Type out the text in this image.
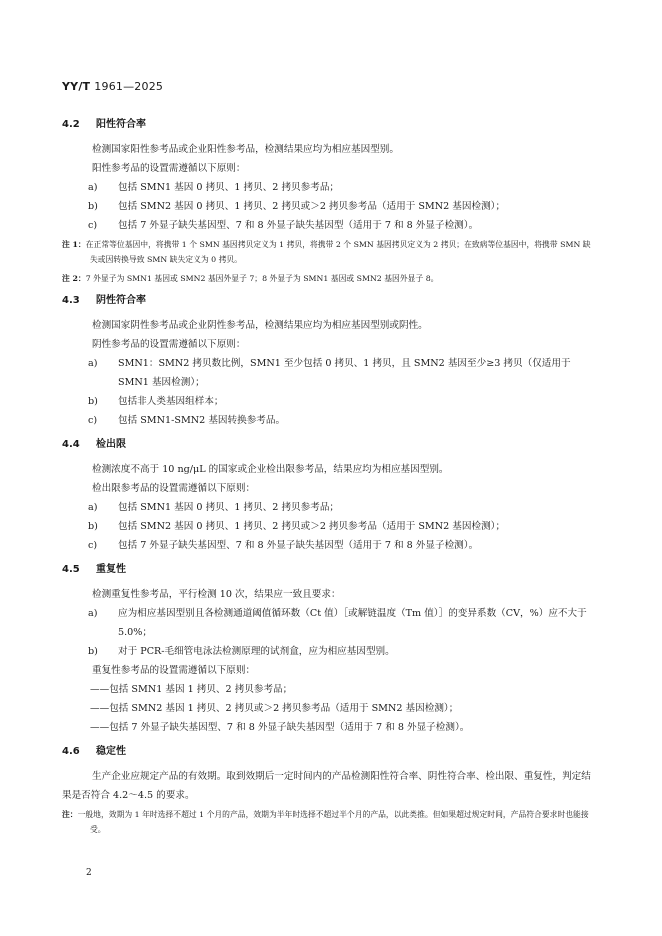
YY/T 1961—2025
4.2 阳性符合率
检测国家阳性参考品或企业阳性参考品，检测结果应均为相应基因型别。
阳性参考品的设置需遵循以下原则：
a) 包括 SMN1 基因 0 拷贝、1 拷贝、2 拷贝参考品；
b) 包括 SMN2 基因 0 拷贝、1 拷贝、2 拷贝或＞2 拷贝参考品（适用于 SMN2 基因检测）；
c) 包括 7 外显子缺失基因型、7 和 8 外显子缺失基因型（适用于 7 和 8 外显子检测）。
注 1：在正常等位基因中，将携带 1 个 SMN 基因拷贝定义为 1 拷贝，将携带 2 个 SMN 基因拷贝定义为 2 拷贝；在致病等位基因中，将携带 SMN 缺失或因转换导致 SMN 缺失定义为 0 拷贝。
注 2：7 外显子为 SMN1 基因或 SMN2 基因外显子 7；8 外显子为 SMN1 基因或 SMN2 基因外显子 8。
4.3 阴性符合率
检测国家阴性参考品或企业阴性参考品，检测结果应均为相应基因型别或阴性。
阴性参考品的设置需遵循以下原则：
a) SMN1：SMN2 拷贝数比例，SMN1 至少包括 0 拷贝、1 拷贝，且 SMN2 基因至少≥3 拷贝（仅适用于 SMN1 基因检测）；
b) 包括非人类基因组样本；
c) 包括 SMN1-SMN2 基因转换参考品。
4.4 检出限
检测浓度不高于 10 ng/μL 的国家或企业检出限参考品，结果应均为相应基因型别。
检出限参考品的设置需遵循以下原则：
a) 包括 SMN1 基因 0 拷贝、1 拷贝、2 拷贝参考品；
b) 包括 SMN2 基因 0 拷贝、1 拷贝、2 拷贝或＞2 拷贝参考品（适用于 SMN2 基因检测）；
c) 包括 7 外显子缺失基因型、7 和 8 外显子缺失基因型（适用于 7 和 8 外显子检测）。
4.5 重复性
检测重复性参考品，平行检测 10 次，结果应一致且要求：
a) 应为相应基因型别且各检测通道阈值循环数（Ct 值）［或解链温度（Tm 值）］的变异系数（CV，%）应不大于 5.0%；
b) 对于 PCR-毛细管电泳法检测原理的试剂盒，应为相应基因型别。
重复性参考品的设置需遵循以下原则：
——包括 SMN1 基因 1 拷贝、2 拷贝参考品；
——包括 SMN2 基因 1 拷贝、2 拷贝或＞2 拷贝参考品（适用于 SMN2 基因检测）；
——包括 7 外显子缺失基因型、7 和 8 外显子缺失基因型（适用于 7 和 8 外显子检测）。
4.6 稳定性
生产企业应规定产品的有效期。取到效期后一定时间内的产品检测阳性符合率、阴性符合率、检出限、重复性，判定结果是否符合 4.2～4.5 的要求。
注：一般地，效期为 1 年时选择不超过 1 个月的产品，效期为半年时选择不超过半个月的产品，以此类推。但如果超过规定时间，产品符合要求时也能接受。
2
